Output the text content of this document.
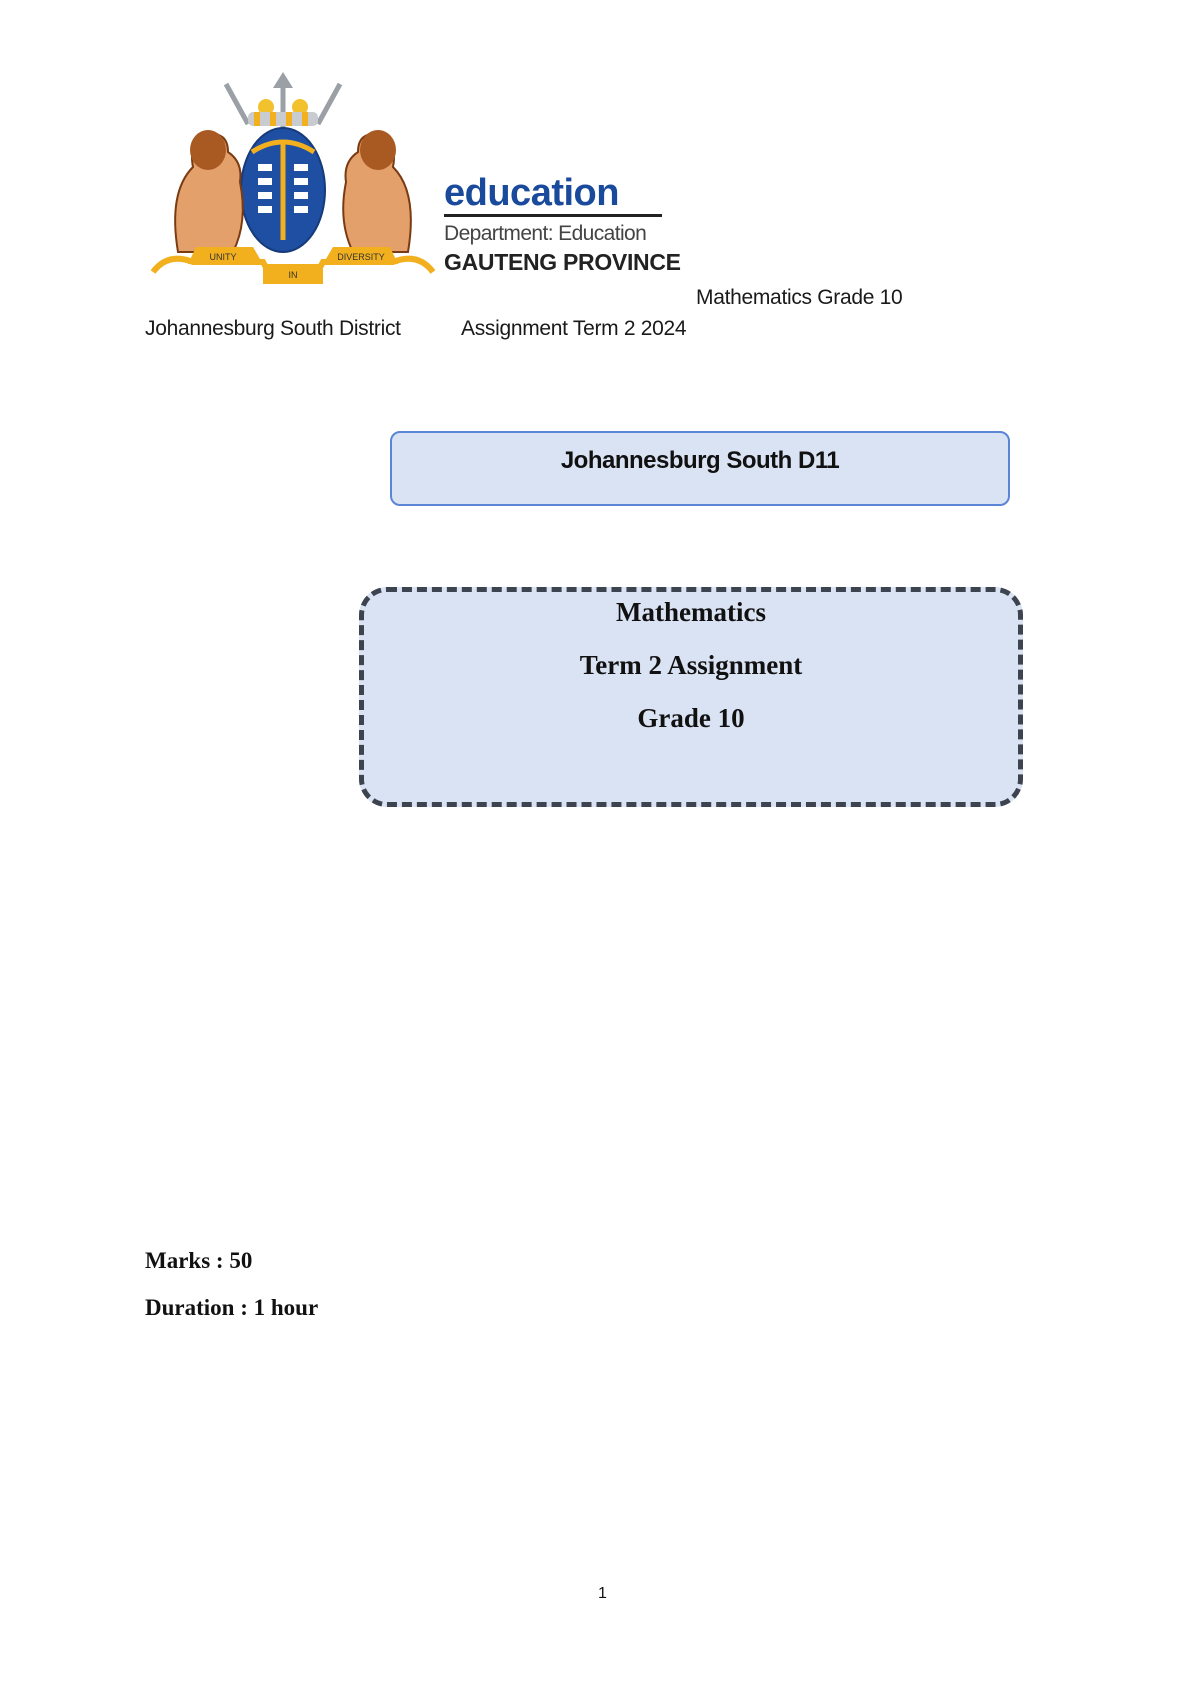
UNITY	DIVERSITY
IN
education
Department: Education
GAUTENG PROVINCE
Mathematics Grade 10
Johannesburg South District	Assignment Term 2 2024
Johannesburg South D11
Mathematics
Term 2 Assignment
Grade 10
Marks : 50
Duration : 1 hour
1
